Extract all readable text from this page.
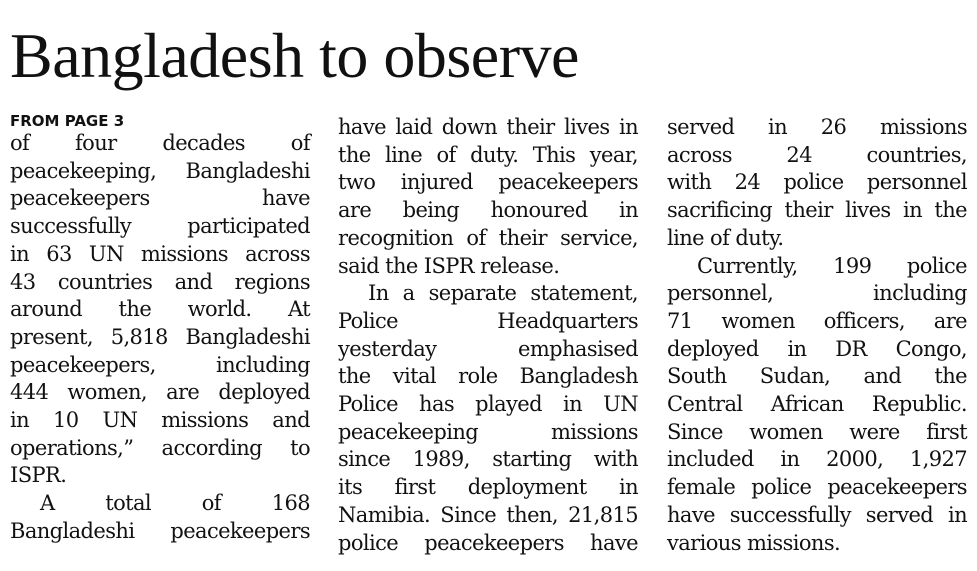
Bangladesh to observe
FROM PAGE 3
of four decades of
peacekeeping, Bangladeshi
peacekeepers have
successfully participated
in 63 UN missions across
43 countries and regions
around the world. At
present, 5,818 Bangladeshi
peacekeepers, including
444 women, are deployed
in 10 UN missions and
operations,” according to
ISPR.
A total of 168
Bangladeshi peacekeepers
have laid down their lives in
the line of duty. This year,
two injured peacekeepers
are being honoured in
recognition of their service,
said the ISPR release.
In a separate statement,
Police Headquarters
yesterday emphasised
the vital role Bangladesh
Police has played in UN
peacekeeping missions
since 1989, starting with
its first deployment in
Namibia. Since then, 21,815
police peacekeepers have
served in 26 missions
across 24 countries,
with 24 police personnel
sacrificing their lives in the
line of duty.
Currently, 199 police
personnel, including
71 women officers, are
deployed in DR Congo,
South Sudan, and the
Central African Republic.
Since women were first
included in 2000, 1,927
female police peacekeepers
have successfully served in
various missions.
